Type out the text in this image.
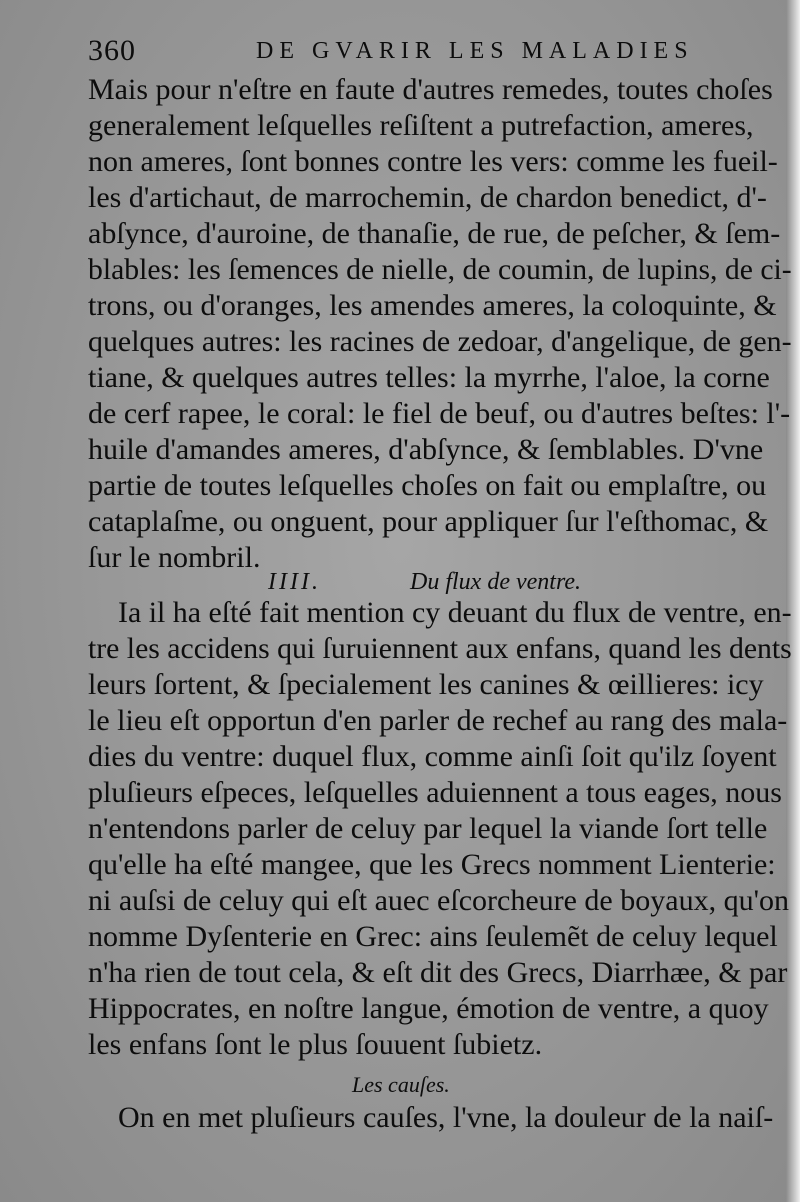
360	DE GVARIR LES MALADIES
Mais pour n'eſtre en faute d'autres remedes, toutes choſes
generalement leſquelles reſiſtent a putrefaction, ameres,
non ameres, ſont bonnes contre les vers: comme les fueil-
les d'artichaut, de marrochemin, de chardon benedict, d'-
abſynce, d'auroine, de thanaſie, de rue, de peſcher, & ſem-
blables: les ſemences de nielle, de coumin, de lupins, de ci-
trons, ou d'oranges, les amendes ameres, la coloquinte, &
quelques autres: les racines de zedoar, d'angelique, de gen-
tiane, & quelques autres telles: la myrrhe, l'aloe, la corne
de cerf rapee, le coral: le fiel de beuf, ou d'autres beſtes: l'-
huile d'amandes ameres, d'abſynce, & ſemblables. D'vne
partie de toutes leſquelles choſes on fait ou emplaſtre, ou
cataplaſme, ou onguent, pour appliquer ſur l'eſthomac, &
ſur le nombril.
IIII.	Du flux de ventre.
Ia il ha eſté fait mention cy deuant du flux de ventre, en-
tre les accidens qui ſuruiennent aux enfans, quand les dents
leurs ſortent, & ſpecialement les canines & œillieres: icy
le lieu eſt opportun d'en parler de rechef au rang des mala-
dies du ventre: duquel flux, comme ainſi ſoit qu'ilz ſoyent
pluſieurs eſpeces, leſquelles aduiennent a tous eages, nous
n'entendons parler de celuy par lequel la viande ſort telle
qu'elle ha eſté mangee, que les Grecs nomment Lienterie:
ni auſsi de celuy qui eſt auec eſcorcheure de boyaux, qu'on
nomme Dyſenterie en Grec: ains ſeulemẽt de celuy lequel
n'ha rien de tout cela, & eſt dit des Grecs, Diarrhæe, & par
Hippocrates, en noſtre langue, émotion de ventre, a quoy
les enfans ſont le plus ſouuent ſubietz.
Les cauſes.
On en met pluſieurs cauſes, l'vne, la douleur de la naiſ-
